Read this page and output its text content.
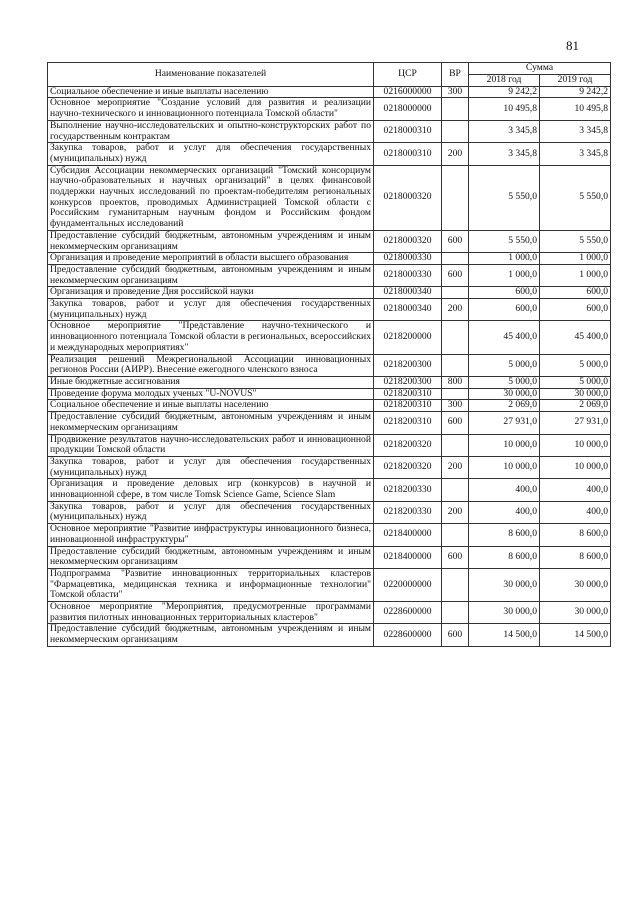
81
Наименование показателей	ЦСР	ВР	Сумма	
			2018 год	2019 год
Социальное обеспечение и иные выплаты населению	0216000000	300	9 242,2	9 242,2
Основное мероприятие "Создание условий для развития и реализации научно-технического и инновационного потенциала Томской области"	0218000000		10 495,8	10 495,8
Выполнение научно-исследовательских и опытно-конструкторских работ по государственным контрактам	0218000310		3 345,8	3 345,8
Закупка товаров, работ и услуг для обеспечения государственных (муниципальных) нужд	0218000310	200	3 345,8	3 345,8
Субсидия Ассоциации некоммерческих организаций "Томский консорциум научно-образовательных и научных организаций" в целях финансовой поддержки научных исследований по проектам-победителям региональных конкурсов проектов, проводимых Администрацией Томской области с Российским гуманитарным научным фондом и Российским фондом фундаментальных исследований	0218000320		5 550,0	5 550,0
Предоставление субсидий бюджетным, автономным учреждениям и иным некоммерческим организациям	0218000320	600	5 550,0	5 550,0
Организация и проведение мероприятий в области высшего образования	0218000330		1 000,0	1 000,0
Предоставление субсидий бюджетным, автономным учреждениям и иным некоммерческим организациям	0218000330	600	1 000,0	1 000,0
Организация и проведение Дня российской науки	0218000340		600,0	600,0
Закупка товаров, работ и услуг для обеспечения государственных (муниципальных) нужд	0218000340	200	600,0	600,0
Основное мероприятие "Представление научно-технического и инновационного потенциала Томской области в региональных, всероссийских и международных мероприятиях"	0218200000		45 400,0	45 400,0
Реализация решений Межрегиональной Ассоциации инновационных регионов России (АИРР). Внесение ежегодного членского взноса	0218200300		5 000,0	5 000,0
Иные бюджетные ассигнования	0218200300	800	5 000,0	5 000,0
Проведение форума молодых ученых "U-NOVUS"	0218200310		30 000,0	30 000,0
Социальное обеспечение и иные выплаты населению	0218200310	300	2 069,0	2 069,0
Предоставление субсидий бюджетным, автономным учреждениям и иным некоммерческим организациям	0218200310	600	27 931,0	27 931,0
Продвижение результатов научно-исследовательских работ и инновационной продукции Томской области	0218200320		10 000,0	10 000,0
Закупка товаров, работ и услуг для обеспечения государственных (муниципальных) нужд	0218200320	200	10 000,0	10 000,0
Организация и проведение деловых игр (конкурсов) в научной и инновационной сфере, в том числе Tomsk Science Game, Science Slam	0218200330		400,0	400,0
Закупка товаров, работ и услуг для обеспечения государственных (муниципальных) нужд	0218200330	200	400,0	400,0
Основное мероприятие "Развитие инфраструктуры инновационного бизнеса, инновационной инфраструктуры"	0218400000		8 600,0	8 600,0
Предоставление субсидий бюджетным, автономным учреждениям и иным некоммерческим организациям	0218400000	600	8 600,0	8 600,0
Подпрограмма "Развитие инновационных территориальных кластеров "Фармацевтика, медицинская техника и информационные технологии" Томской области"	0220000000		30 000,0	30 000,0
Основное мероприятие "Мероприятия, предусмотренные программами развития пилотных инновационных территориальных кластеров"	0228600000		30 000,0	30 000,0
Предоставление субсидий бюджетным, автономным учреждениям и иным некоммерческим организациям	0228600000	600	14 500,0	14 500,0
